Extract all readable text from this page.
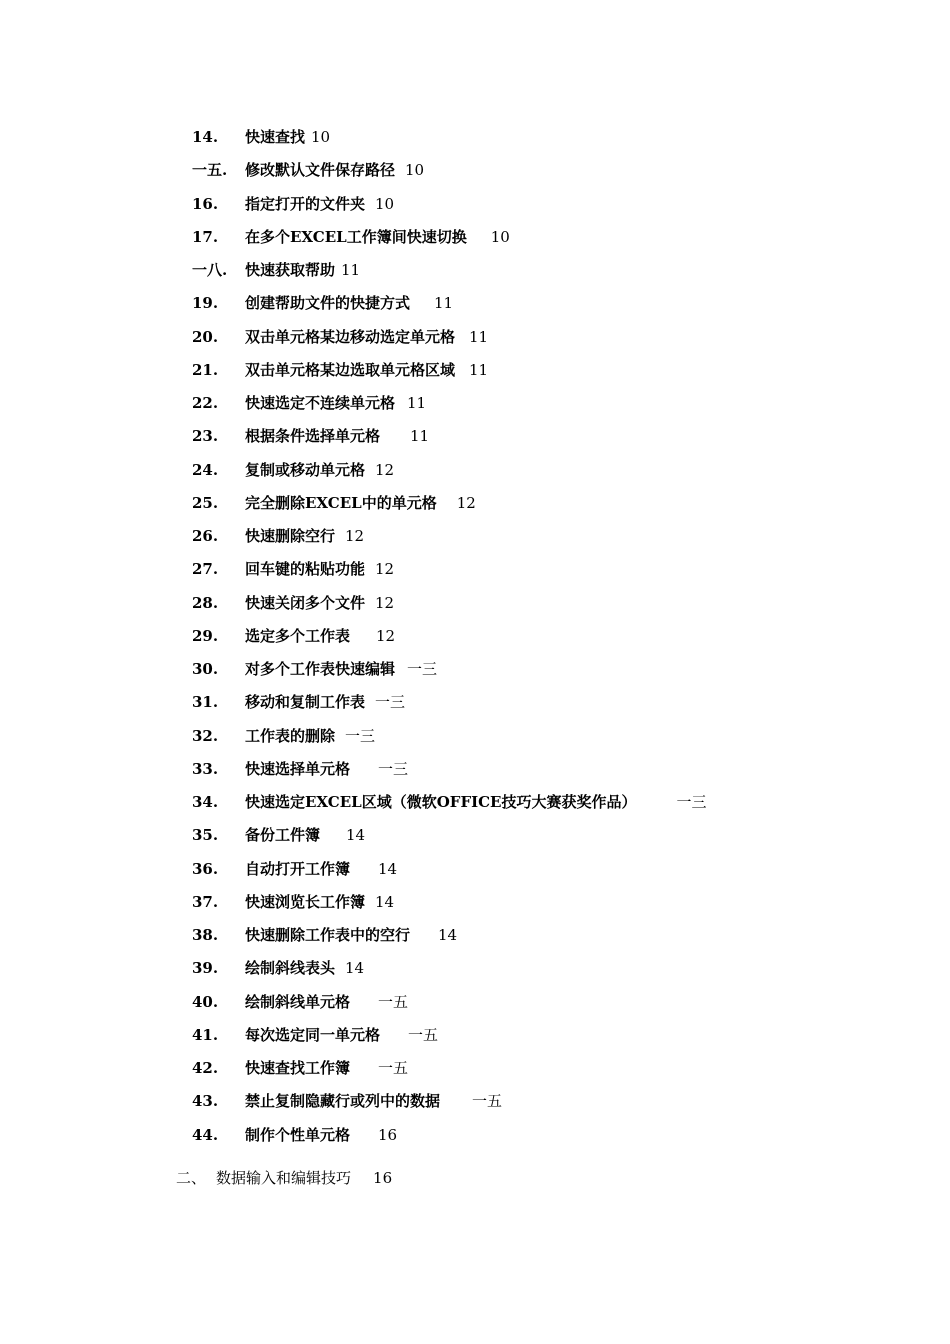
14.	快速查找 10
一五.	修改默认文件保存路径 10
16.	指定打开的文件夹 10
17.	在多个EXCEL工作簿间快速切换 10
一八.	快速获取帮助 11
19.	创建帮助文件的快捷方式 11
20.	双击单元格某边移动选定单元格 11
21.	双击单元格某边选取单元格区域 11
22.	快速选定不连续单元格 11
23.	根据条件选择单元格 11
24.	复制或移动单元格 12
25.	完全删除EXCEL中的单元格 12
26.	快速删除空行 12
27.	回车键的粘贴功能 12
28.	快速关闭多个文件 12
29.	选定多个工作表 12
30.	对多个工作表快速编辑 一三
31.	移动和复制工作表 一三
32.	工作表的删除 一三
33.	快速选择单元格 一三
34.	快速选定EXCEL区域（微软OFFICE技巧大赛获奖作品）	一三
35.	备份工件簿 14
36.	自动打开工作簿 14
37.	快速浏览长工作簿 14
38.	快速删除工作表中的空行 14
39.	绘制斜线表头 14
40.	绘制斜线单元格 一五
41.	每次选定同一单元格 一五
42.	快速查找工作簿 一五
43.	禁止复制隐藏行或列中的数据 一五
44.	制作个性单元格 16
二、 数据输入和编辑技巧 16
